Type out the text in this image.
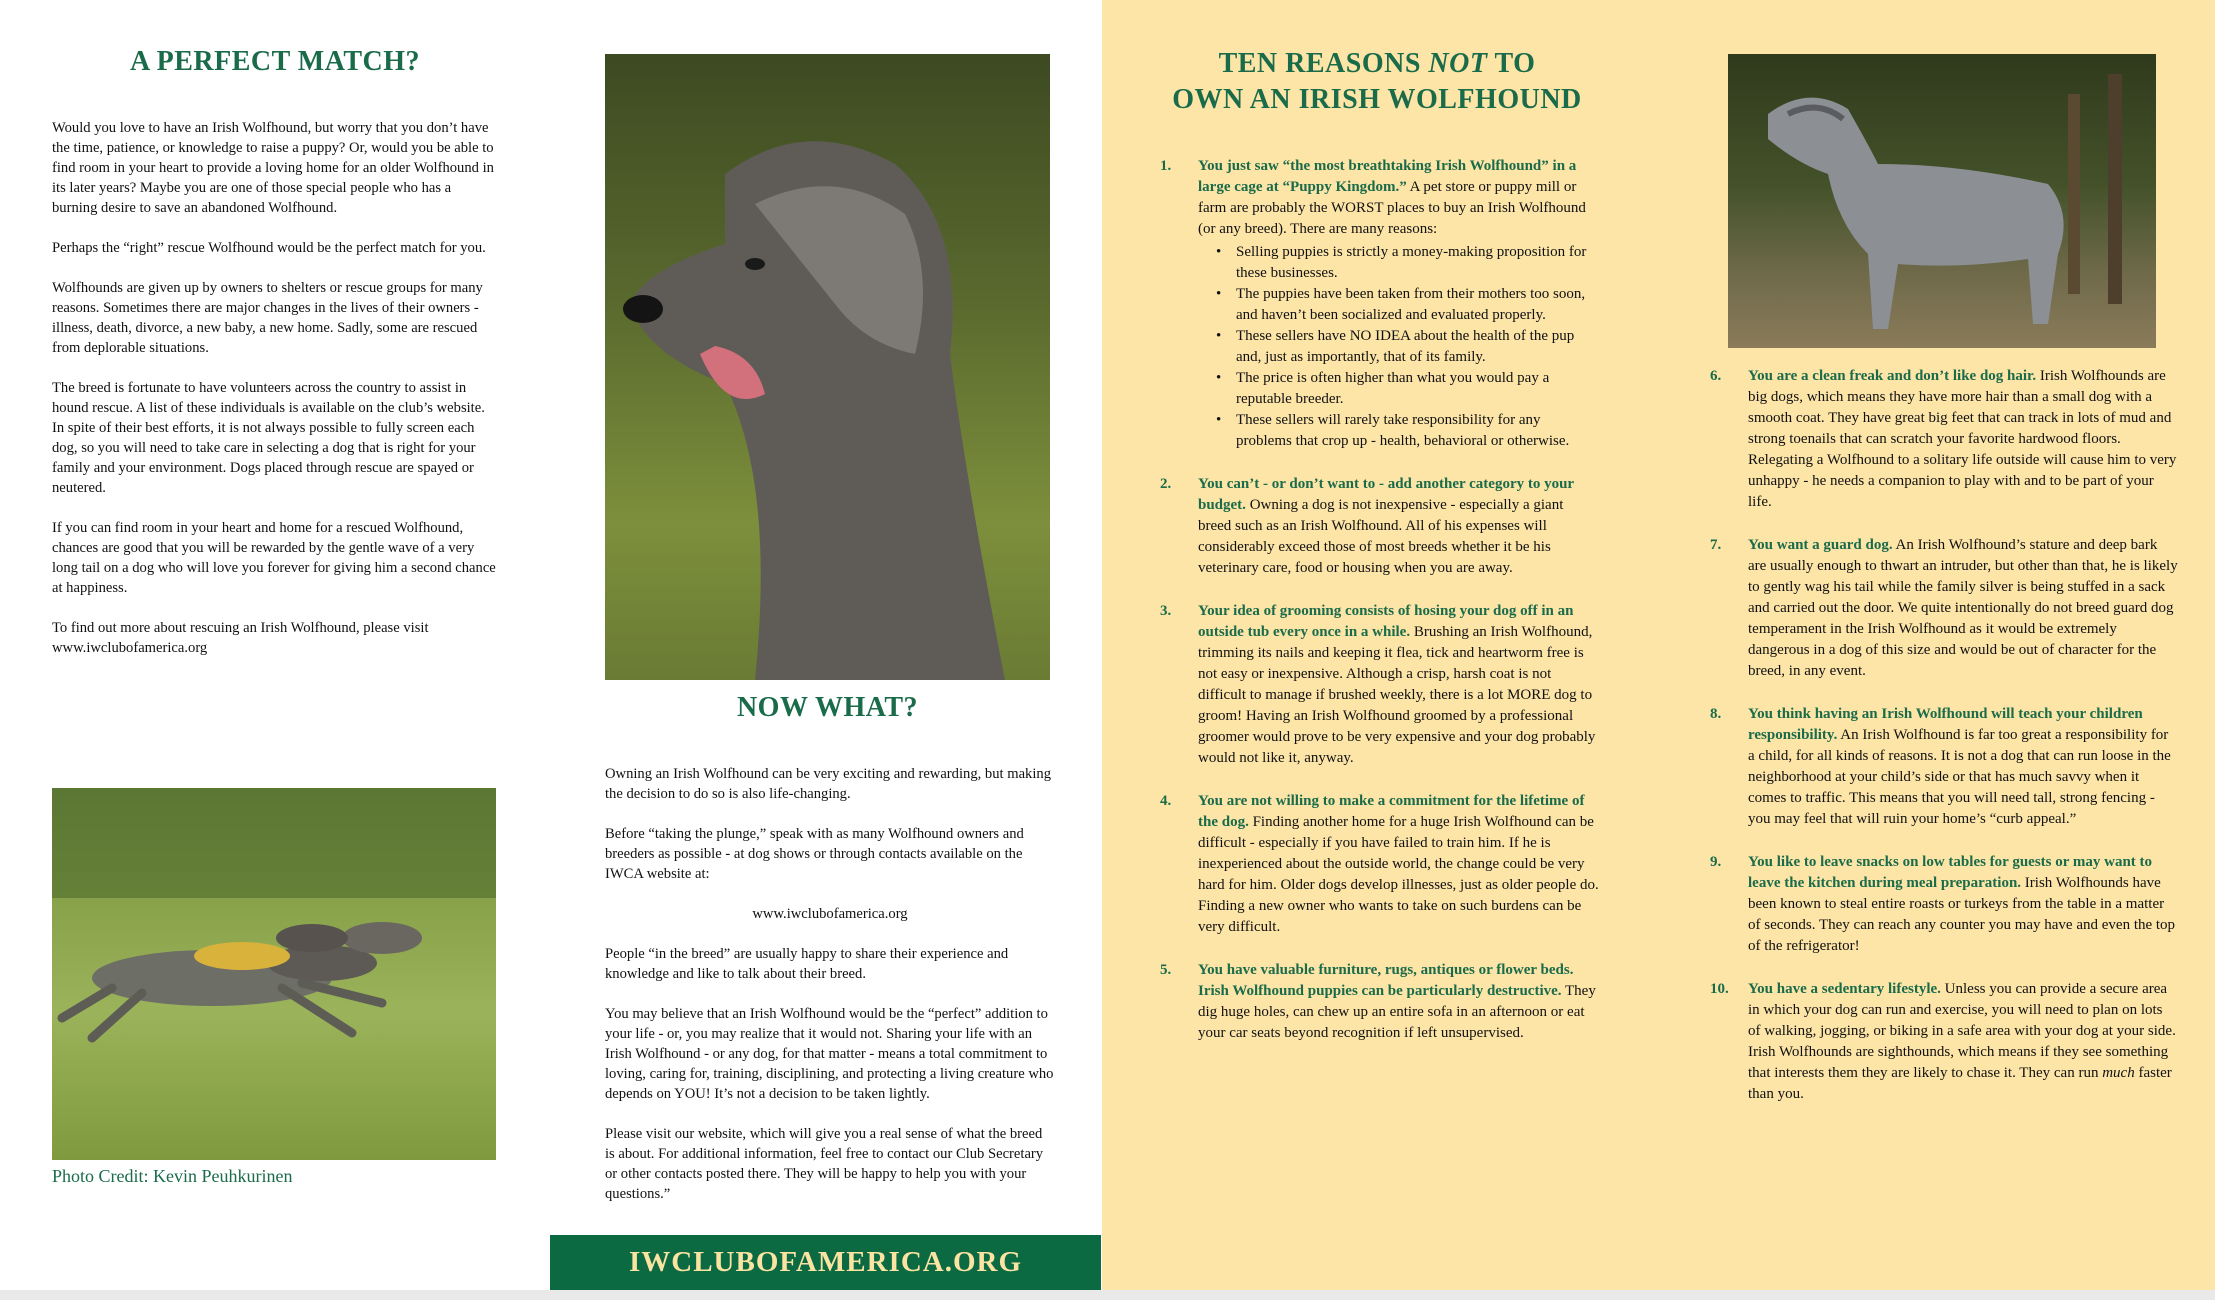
A PERFECT MATCH?

Would you love to have an Irish Wolfhound, but worry that you don’t have the time, patience, or knowledge to raise a puppy? Or, would you be able to find room in your heart to provide a loving home for an older Wolfhound in its later years? Maybe you are one of those special people who has a burning desire to save an abandoned Wolfhound.

Perhaps the “right” rescue Wolfhound would be the perfect match for you.

Wolfhounds are given up by owners to shelters or rescue groups for many reasons. Sometimes there are major changes in the lives of their owners - illness, death, divorce, a new baby, a new home. Sadly, some are rescued from deplorable situations.

The breed is fortunate to have volunteers across the country to assist in hound rescue. A list of these individuals is available on the club’s website. In spite of their best efforts, it is not always possible to fully screen each dog, so you will need to take care in selecting a dog that is right for your family and your environment. Dogs placed through rescue are spayed or neutered.

If you can find room in your heart and home for a rescued Wolfhound, chances are good that you will be rewarded by the gentle wave of a very long tail on a dog who will love you forever for giving him a second chance at happiness.

To find out more about rescuing an Irish Wolfhound, please visit www.iwclubofamerica.org

Photo Credit: Kevin Peuhkurinen
NOW WHAT?

Owning an Irish Wolfhound can be very exciting and rewarding, but making the decision to do so is also life-changing.

Before “taking the plunge,” speak with as many Wolfhound owners and breeders as possible - at dog shows or through contacts available on the IWCA website at:

www.iwclubofamerica.org

People “in the breed” are usually happy to share their experience and knowledge and like to talk about their breed.

You may believe that an Irish Wolfhound would be the “perfect” addition to your life - or, you may realize that it would not. Sharing your life with an Irish Wolfhound - or any dog, for that matter - means a total commitment to loving, caring for, training, disciplining, and protecting a living creature who depends on YOU! It’s not a decision to be taken lightly.

Please visit our website, which will give you a real sense of what the breed is about. For additional information, feel free to contact our Club Secretary or other contacts posted there. They will be happy to help you with your questions.”

IWCLUBOFAMERICA.ORG
TEN REASONS NOT TO
OWN AN IRISH WOLFHOUND
1. You just saw “the most breathtaking Irish Wolfhound” in a large cage at “Puppy Kingdom.” A pet store or puppy mill or farm are probably the WORST places to buy an Irish Wolfhound (or any breed). There are many reasons:
• Selling puppies is strictly a money-making proposition for these businesses.
• The puppies have been taken from their mothers too soon, and haven’t been socialized and evaluated properly.
• These sellers have NO IDEA about the health of the pup and, just as importantly, that of its family.
• The price is often higher than what you would pay a reputable breeder.
• These sellers will rarely take responsibility for any problems that crop up - health, behavioral or otherwise.
2. You can’t - or don’t want to - add another category to your budget. Owning a dog is not inexpensive - especially a giant breed such as an Irish Wolfhound. All of his expenses will considerably exceed those of most breeds whether it be his veterinary care, food or housing when you are away.
3. Your idea of grooming consists of hosing your dog off in an outside tub every once in a while. Brushing an Irish Wolfhound, trimming its nails and keeping it flea, tick and heartworm free is not easy or inexpensive. Although a crisp, harsh coat is not difficult to manage if brushed weekly, there is a lot MORE dog to groom! Having an Irish Wolfhound groomed by a professional groomer would prove to be very expensive and your dog probably would not like it, anyway.
4. You are not willing to make a commitment for the lifetime of the dog. Finding another home for a huge Irish Wolfhound can be difficult - especially if you have failed to train him. If he is inexperienced about the outside world, the change could be very hard for him. Older dogs develop illnesses, just as older people do. Finding a new owner who wants to take on such burdens can be very difficult.
5. You have valuable furniture, rugs, antiques or flower beds. Irish Wolfhound puppies can be particularly destructive. They dig huge holes, can chew up an entire sofa in an afternoon or eat your car seats beyond recognition if left unsupervised.
6. You are a clean freak and don’t like dog hair. Irish Wolfhounds are big dogs, which means they have more hair than a small dog with a smooth coat. They have great big feet that can track in lots of mud and strong toenails that can scratch your favorite hardwood floors. Relegating a Wolfhound to a solitary life outside will cause him to very unhappy - he needs a companion to play with and to be part of your life.
7. You want a guard dog. An Irish Wolfhound’s stature and deep bark are usually enough to thwart an intruder, but other than that, he is likely to gently wag his tail while the family silver is being stuffed in a sack and carried out the door. We quite intentionally do not breed guard dog temperament in the Irish Wolfhound as it would be extremely dangerous in a dog of this size and would be out of character for the breed, in any event.
8. You think having an Irish Wolfhound will teach your children responsibility. An Irish Wolfhound is far too great a responsibility for a child, for all kinds of reasons. It is not a dog that can run loose in the neighborhood at your child’s side or that has much savvy when it comes to traffic. This means that you will need tall, strong fencing - you may feel that will ruin your home’s “curb appeal.”
9. You like to leave snacks on low tables for guests or may want to leave the kitchen during meal preparation. Irish Wolfhounds have been known to steal entire roasts or turkeys from the table in a matter of seconds. They can reach any counter you may have and even the top of the refrigerator!
10. You have a sedentary lifestyle. Unless you can provide a secure area in which your dog can run and exercise, you will need to plan on lots of walking, jogging, or biking in a safe area with your dog at your side. Irish Wolfhounds are sighthounds, which means if they see something that interests them they are likely to chase it. They can run much faster than you.
